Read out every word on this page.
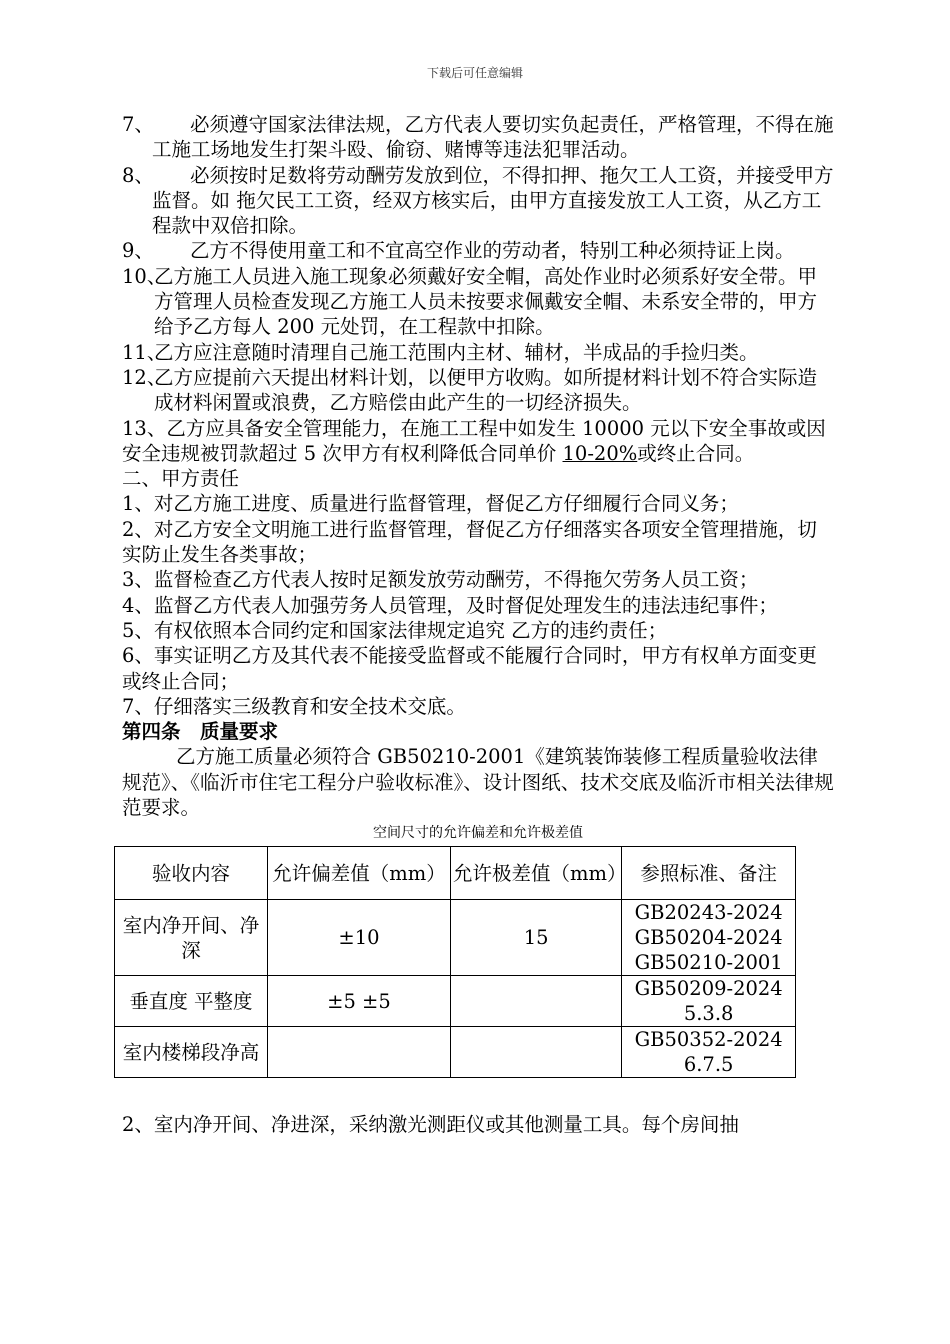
下载后可任意编辑
7、	必须遵守国家法律法规，乙方代表人要切实负起责任，严格管理，不得在施工施工场地发生打架斗殴、偷窃、赌博等违法犯罪活动。
8、	必须按时足数将劳动酬劳发放到位，不得扣押、拖欠工人工资，并接受甲方监督。如 拖欠民工工资，经双方核实后，由甲方直接发放工人工资，从乙方工程款中双倍扣除。
9、	乙方不得使用童工和不宜高空作业的劳动者，特别工种必须持证上岗。
10、
乙方施工人员进入施工现象必须戴好安全帽，高处作业时必须系好安全带。甲方管理人员检查发现乙方施工人员未按要求佩戴安全帽、未系安全带的，甲方给予乙方每人 200 元处罚，在工程款中扣除。
11、
乙方应注意随时清理自己施工范围内主材、辅材，半成品的手捡归类。
12、
乙方应提前六天提出材料计划，以便甲方收购。如所提材料计划不符合实际造成材料闲置或浪费，乙方赔偿由此产生的一切经济损失。

13、乙方应具备安全管理能力，在施工工程中如发生 10000 元以下安全事故或因安全违规被罚款超过 5 次甲方有权利降低合同单价 10-20%或终止合同。

二、甲方责任

1、对乙方施工进度、质量进行监督管理，督促乙方仔细履行合同义务；

2、对乙方安全文明施工进行监督管理，督促乙方仔细落实各项安全管理措施，切实防止发生各类事故；

3、监督检查乙方代表人按时足额发放劳动酬劳，不得拖欠劳务人员工资；

4、监督乙方代表人加强劳务人员管理，及时督促处理发生的违法违纪事件；

5、有权依照本合同约定和国家法律规定追究 乙方的违约责任；

6、事实证明乙方及其代表不能接受监督或不能履行合同时，甲方有权单方面变更或终止合同；

7、仔细落实三级教育和安全技术交底。

第四条　质量要求

乙方施工质量必须符合 GB50210-2001《建筑装饰装修工程质量验收法律规范》、《临沂市住宅工程分户验收标准》、设计图纸、技术交底及临沂市相关法律规范要求。

空间尺寸的允许偏差和允许极差值
验收内容	允许偏差值（mm）	允许极差值（mm）	参照标准、备注
室内净开间、净深	±10	15	GB20243-2024 GB50204-2024 GB50210-2001
垂直度 平整度	±5 ±5		GB50209-2024 5.3.8
室内楼梯段净高			GB50352-2024 6.7.5

2、室内净开间、净进深，采纳激光测距仪或其他测量工具。每个房间抽
